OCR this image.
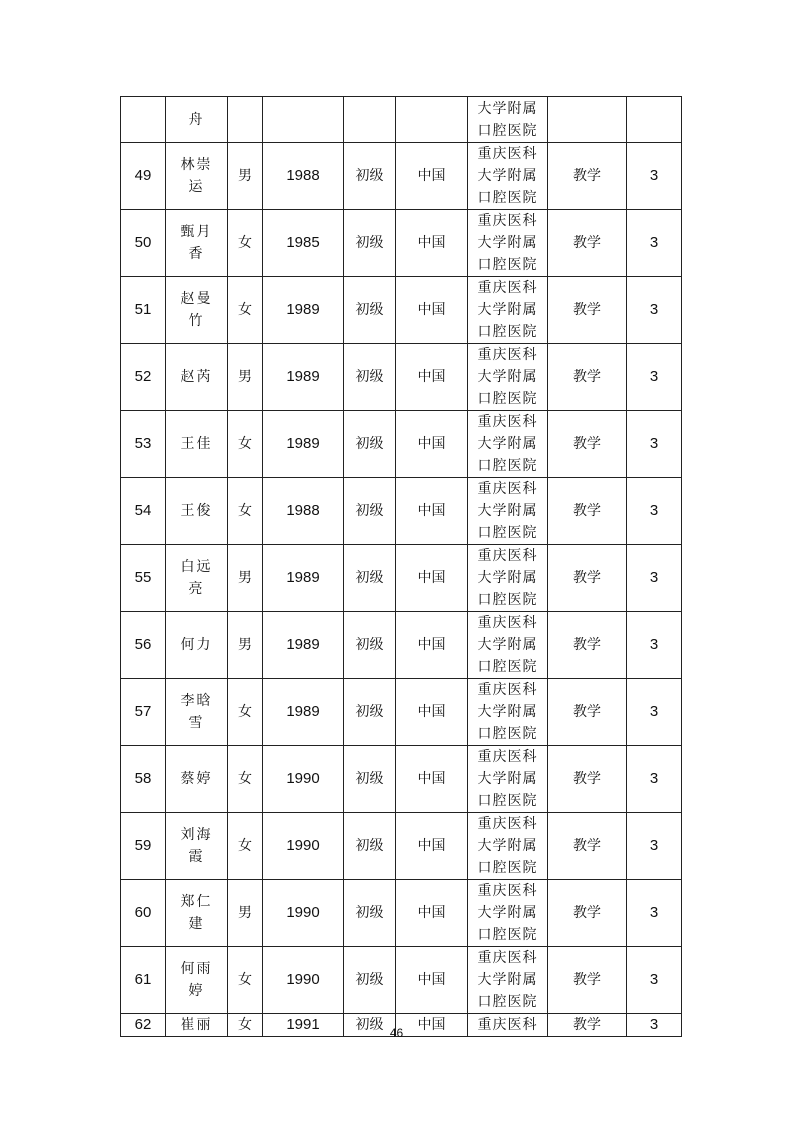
	舟					大学附属
口腔医院		

49	林崇运	男	1988	初级	中国	重庆医科
大学附属
口腔医院	教学	3
50	甄月香	女	1985	初级	中国	重庆医科
大学附属
口腔医院	教学	3
51	赵曼竹	女	1989	初级	中国	重庆医科
大学附属
口腔医院	教学	3
52	赵芮	男	1989	初级	中国	重庆医科
大学附属
口腔医院	教学	3
53	王佳	女	1989	初级	中国	重庆医科
大学附属
口腔医院	教学	3
54	王俊	女	1988	初级	中国	重庆医科
大学附属
口腔医院	教学	3
55	白远亮	男	1989	初级	中国	重庆医科
大学附属
口腔医院	教学	3
56	何力	男	1989	初级	中国	重庆医科
大学附属
口腔医院	教学	3
57	李晗雪	女	1989	初级	中国	重庆医科
大学附属
口腔医院	教学	3
58	蔡婷	女	1990	初级	中国	重庆医科
大学附属
口腔医院	教学	3
59	刘海霞	女	1990	初级	中国	重庆医科
大学附属
口腔医院	教学	3
60	郑仁建	男	1990	初级	中国	重庆医科
大学附属
口腔医院	教学	3
61	何雨婷	女	1990	初级	中国	重庆医科
大学附属
口腔医院	教学	3
62	崔丽	女	1991	初级	中国	重庆医科	教学	3
46
